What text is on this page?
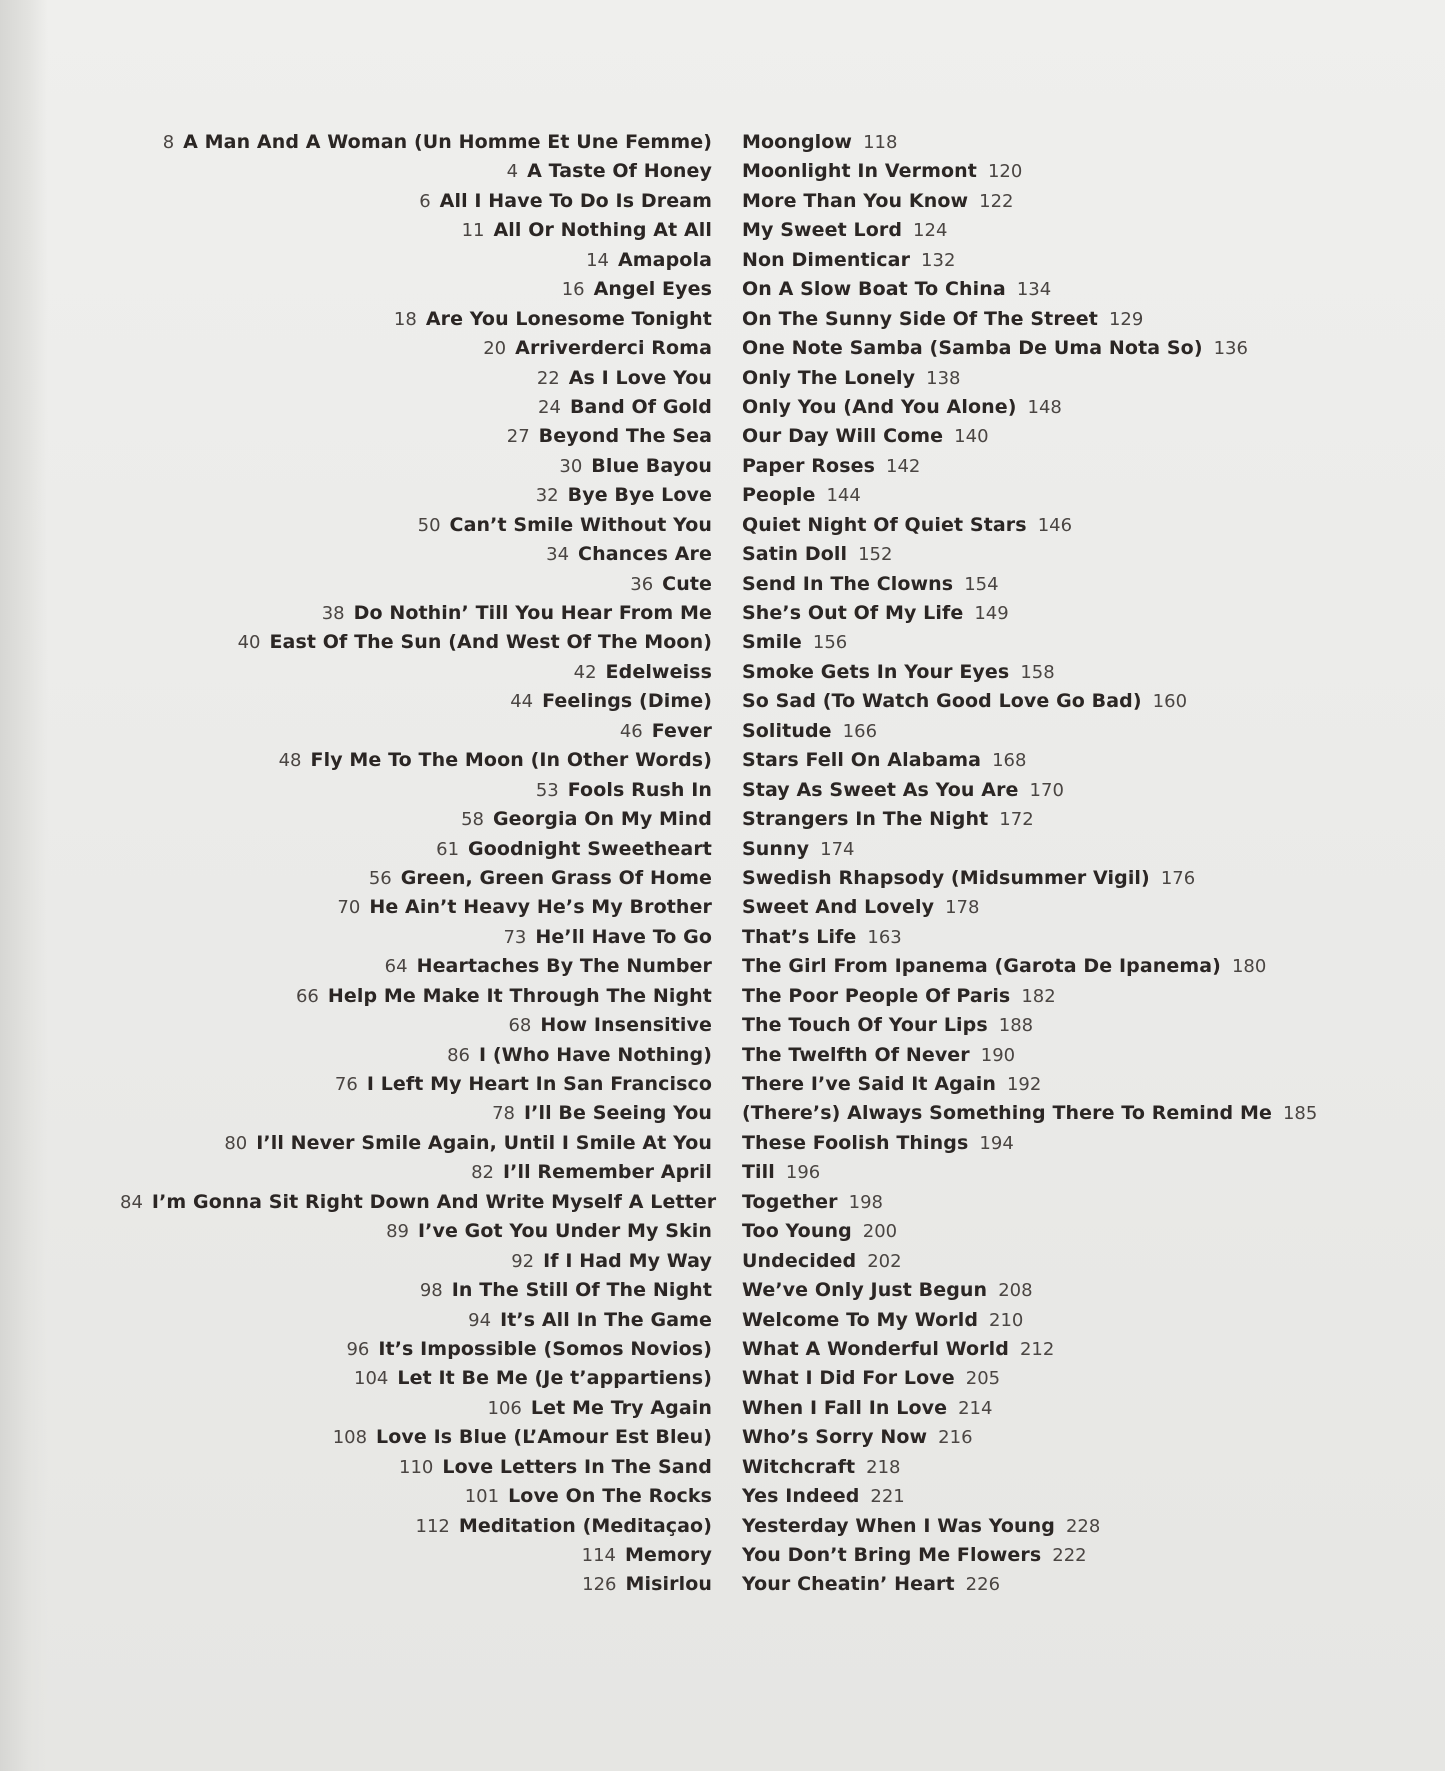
8 A Man And A Woman (Un Homme Et Une Femme)
4 A Taste Of Honey
6 All I Have To Do Is Dream
11 All Or Nothing At All
14 Amapola
16 Angel Eyes
18 Are You Lonesome Tonight
20 Arriverderci Roma
22 As I Love You
24 Band Of Gold
27 Beyond The Sea
30 Blue Bayou
32 Bye Bye Love
50 Can’t Smile Without You
34 Chances Are
36 Cute
38 Do Nothin’ Till You Hear From Me
40 East Of The Sun (And West Of The Moon)
42 Edelweiss
44 Feelings (Dime)
46 Fever
48 Fly Me To The Moon (In Other Words)
53 Fools Rush In
58 Georgia On My Mind
61 Goodnight Sweetheart
56 Green, Green Grass Of Home
70 He Ain’t Heavy He’s My Brother
73 He’ll Have To Go
64 Heartaches By The Number
66 Help Me Make It Through The Night
68 How Insensitive
86 I (Who Have Nothing)
76 I Left My Heart In San Francisco
78 I’ll Be Seeing You
80 I’ll Never Smile Again, Until I Smile At You
82 I’ll Remember April
84 I’m Gonna Sit Right Down And Write Myself A Letter
89 I’ve Got You Under My Skin
92 If I Had My Way
98 In The Still Of The Night
94 It’s All In The Game
96 It’s Impossible (Somos Novios)
104 Let It Be Me (Je t’appartiens)
106 Let Me Try Again
108 Love Is Blue (L’Amour Est Bleu)
110 Love Letters In The Sand
101 Love On The Rocks
112 Meditation (Meditaçao)
114 Memory
126 Misirlou
Moonglow 118
Moonlight In Vermont 120
More Than You Know 122
My Sweet Lord 124
Non Dimenticar 132
On A Slow Boat To China 134
On The Sunny Side Of The Street 129
One Note Samba (Samba De Uma Nota So) 136
Only The Lonely 138
Only You (And You Alone) 148
Our Day Will Come 140
Paper Roses 142
People 144
Quiet Night Of Quiet Stars 146
Satin Doll 152
Send In The Clowns 154
She’s Out Of My Life 149
Smile 156
Smoke Gets In Your Eyes 158
So Sad (To Watch Good Love Go Bad) 160
Solitude 166
Stars Fell On Alabama 168
Stay As Sweet As You Are 170
Strangers In The Night 172
Sunny 174
Swedish Rhapsody (Midsummer Vigil) 176
Sweet And Lovely 178
That’s Life 163
The Girl From Ipanema (Garota De Ipanema) 180
The Poor People Of Paris 182
The Touch Of Your Lips 188
The Twelfth Of Never 190
There I’ve Said It Again 192
(There’s) Always Something There To Remind Me 185
These Foolish Things 194
Till 196
Together 198
Too Young 200
Undecided 202
We’ve Only Just Begun 208
Welcome To My World 210
What A Wonderful World 212
What I Did For Love 205
When I Fall In Love 214
Who’s Sorry Now 216
Witchcraft 218
Yes Indeed 221
Yesterday When I Was Young 228
You Don’t Bring Me Flowers 222
Your Cheatin’ Heart 226
